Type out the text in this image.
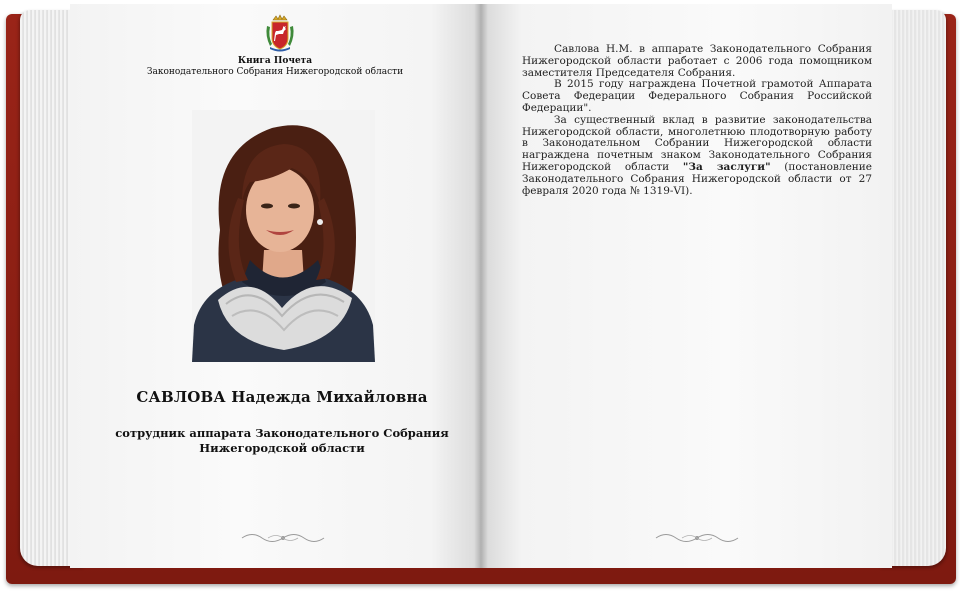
Книга Почета
Законодательного Собрания Нижегородской области
САВЛОВА Надежда Михайловна
сотрудник аппарата Законодательного Собрания
Нижегородской области

Савлова Н.М. в аппарате Законодательного Собрания Нижегородской области работает с 2006 года помощником заместителя Председателя Собрания.

В 2015 году награждена Почетной грамотой Аппарата Совета Федерации Федерального Собрания Российской Федерации".

За существенный вклад в развитие законодательства Нижегородской области, многолетнюю плодотворную работу в Законодательном Собрании Нижегородской области награждена почетным знаком Законодательного Собрания Нижегородской области "За заслуги" (постановление Законодательного Собрания Нижегородской области от 27 февраля 2020 года № 1319-VI).
